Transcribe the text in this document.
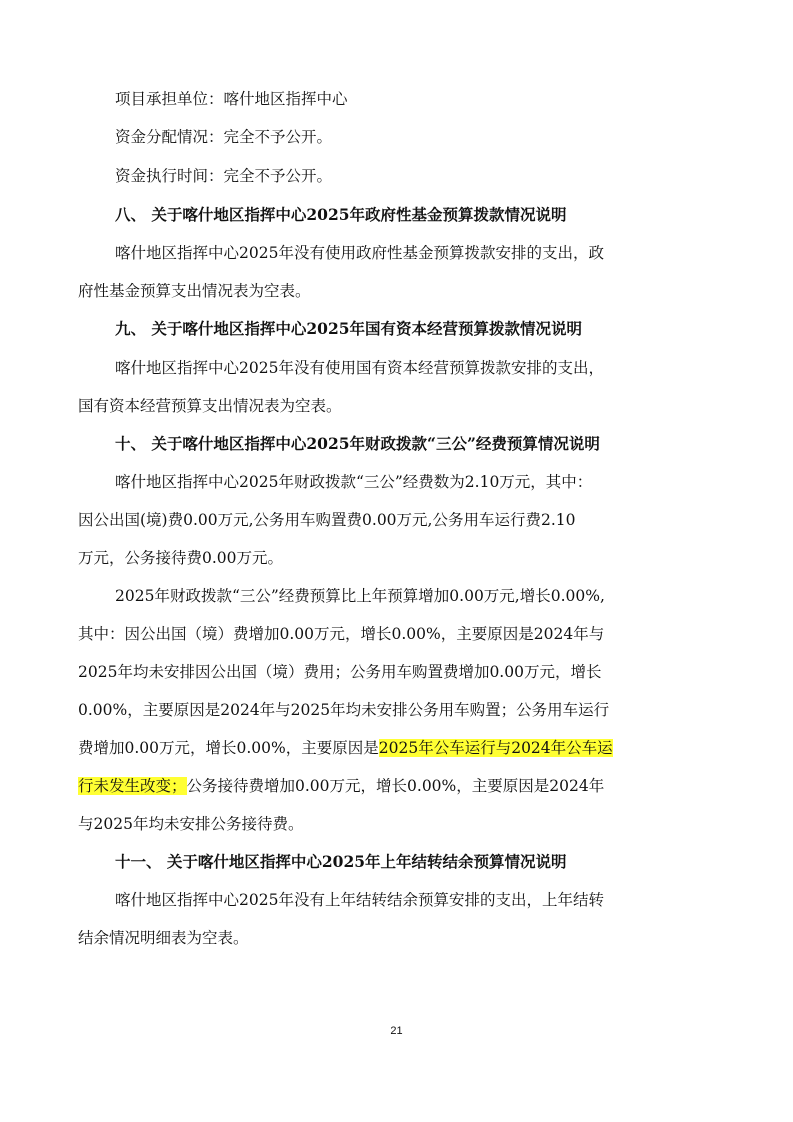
项目承担单位：喀什地区指挥中心
资金分配情况：完全不予公开。
资金执行时间：完全不予公开。
八、 关于喀什地区指挥中心2025年政府性基金预算拨款情况说明
喀什地区指挥中心2025年没有使用政府性基金预算拨款安排的支出，政
府性基金预算支出情况表为空表。
九、 关于喀什地区指挥中心2025年国有资本经营预算拨款情况说明
喀什地区指挥中心2025年没有使用国有资本经营预算拨款安排的支出，
国有资本经营预算支出情况表为空表。
十、 关于喀什地区指挥中心2025年财政拨款“三公”经费预算情况说明
喀什地区指挥中心2025年财政拨款“三公”经费数为2.10万元，其中：
因公出国(境)费0.00万元,公务用车购置费0.00万元,公务用车运行费2.10
万元，公务接待费0.00万元。
2025年财政拨款“三公”经费预算比上年预算增加0.00万元,增长0.00%,
其中：因公出国（境）费增加0.00万元，增长0.00%，主要原因是2024年与
2025年均未安排因公出国（境）费用；公务用车购置费增加0.00万元，增长
0.00%，主要原因是2024年与2025年均未安排公务用车购置；公务用车运行
费增加0.00万元，增长0.00%，主要原因是2025年公车运行与2024年公车运
行未发生改变；公务接待费增加0.00万元，增长0.00%，主要原因是2024年
与2025年均未安排公务接待费。
十一、 关于喀什地区指挥中心2025年上年结转结余预算情况说明
喀什地区指挥中心2025年没有上年结转结余预算安排的支出，上年结转
结余情况明细表为空表。
21
